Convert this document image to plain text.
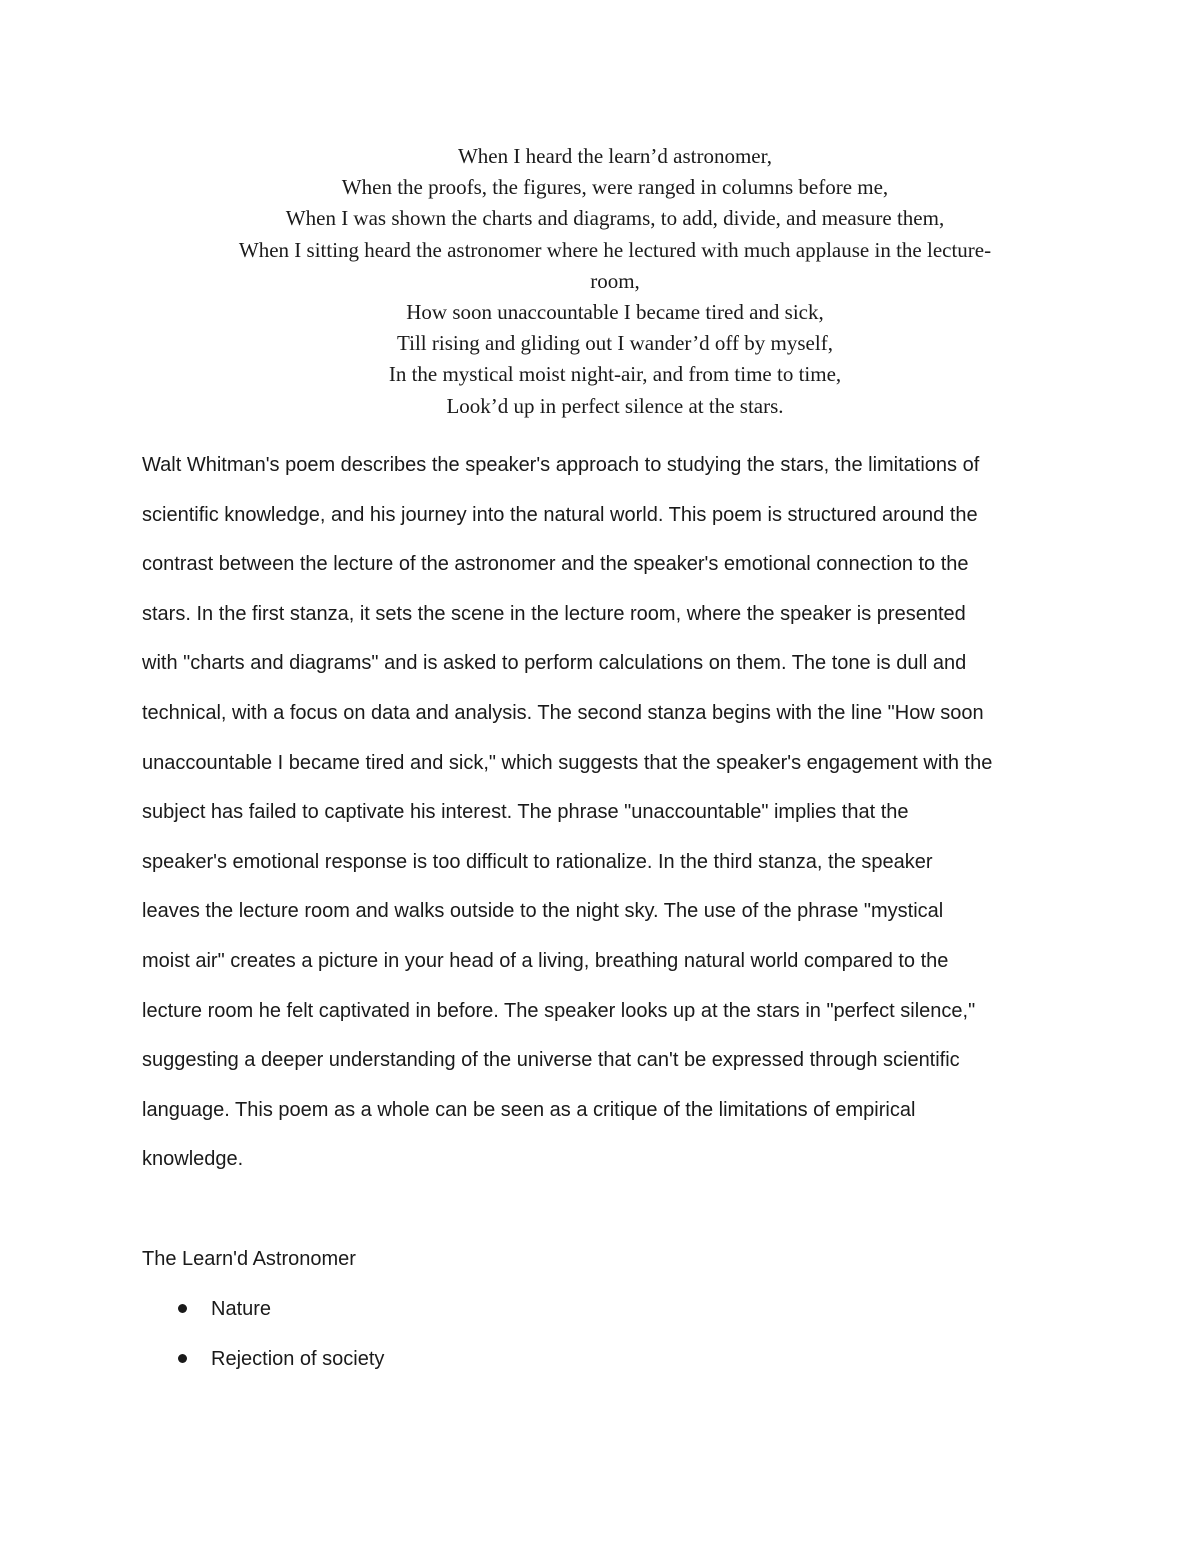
When I heard the learn’d astronomer,
When the proofs, the figures, were ranged in columns before me,
When I was shown the charts and diagrams, to add, divide, and measure them,
When I sitting heard the astronomer where he lectured with much applause in the lecture-
room,
How soon unaccountable I became tired and sick,
Till rising and gliding out I wander’d off by myself,
In the mystical moist night-air, and from time to time,
Look’d up in perfect silence at the stars.
Walt Whitman's poem describes the speaker's approach to studying the stars, the limitations of
scientific knowledge, and his journey into the natural world. This poem is structured around the
contrast between the lecture of the astronomer and the speaker's emotional connection to the
stars. In the first stanza, it sets the scene in the lecture room, where the speaker is presented
with "charts and diagrams" and is asked to perform calculations on them. The tone is dull and
technical, with a focus on data and analysis. The second stanza begins with the line "How soon
unaccountable I became tired and sick," which suggests that the speaker's engagement with the
subject has failed to captivate his interest. The phrase "unaccountable" implies that the
speaker's emotional response is too difficult to rationalize. In the third stanza, the speaker
leaves the lecture room and walks outside to the night sky. The use of the phrase "mystical
moist air" creates a picture in your head of a living, breathing natural world compared to the
lecture room he felt captivated in before. The speaker looks up at the stars in "perfect silence,"
suggesting a deeper understanding of the universe that can't be expressed through scientific
language. This poem as a whole can be seen as a critique of the limitations of empirical
knowledge.
The Learn'd Astronomer
Nature
Rejection of society
